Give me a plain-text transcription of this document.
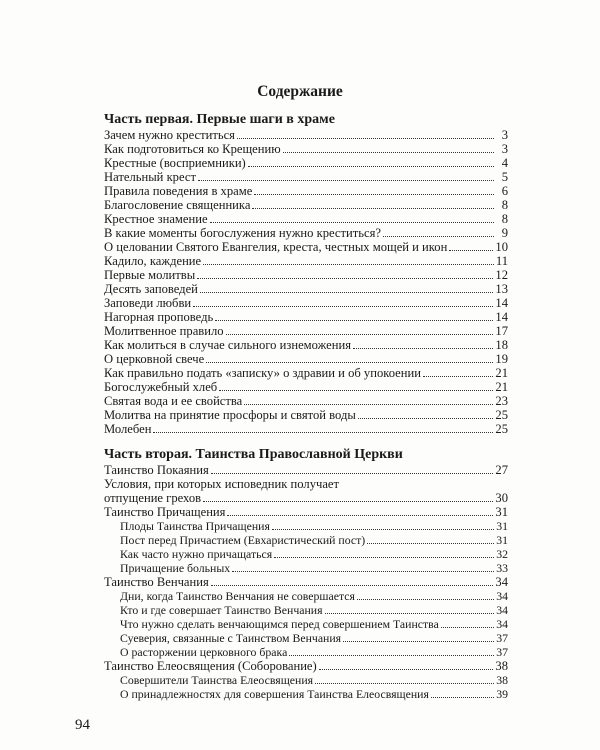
Содержание
Часть первая. Первые шаги в храме
Зачем нужно креститься	3
Как подготовиться ко Крещению	3
Крестные (восприемники)	4
Нательный крест	5
Правила поведения в храме	6
Благословение священника	8
Крестное знамение	8
В какие моменты богослужения нужно креститься?	9
О целовании Святого Евангелия, креста, честных мощей и икон	10
Кадило, каждение	11
Первые молитвы	12
Десять заповедей	13
Заповеди любви	14
Нагорная проповедь	14
Молитвенное правило	17
Как молиться в случае сильного изнеможения	18
О церковной свече	19
Как правильно подать «записку» о здравии и об упокоении	21
Богослужебный хлеб	21
Святая вода и ее свойства	23
Молитва на принятие просфоры и святой воды	25
Молебен	25
Часть вторая. Таинства Православной Церкви
Таинство Покаяния	27
Условия, при которых исповедник получает
отпущение грехов	30
Таинство Причащения	31
Плоды Таинства Причащения	31
Пост перед Причастием (Евхаристический пост)	31
Как часто нужно причащаться	32
Причащение больных	33
Таинство Венчания	34
Дни, когда Таинство Венчания не совершается	34
Кто и где совершает Таинство Венчания	34
Что нужно сделать венчающимся перед совершением Таинства	34
Суеверия, связанные с Таинством Венчания	37
О расторжении церковного брака	37
Таинство Елеосвящения (Соборование)	38
Совершители Таинства Елеосвящения	38
О принадлежностях для совершения Таинства Елеосвящения	39
94
